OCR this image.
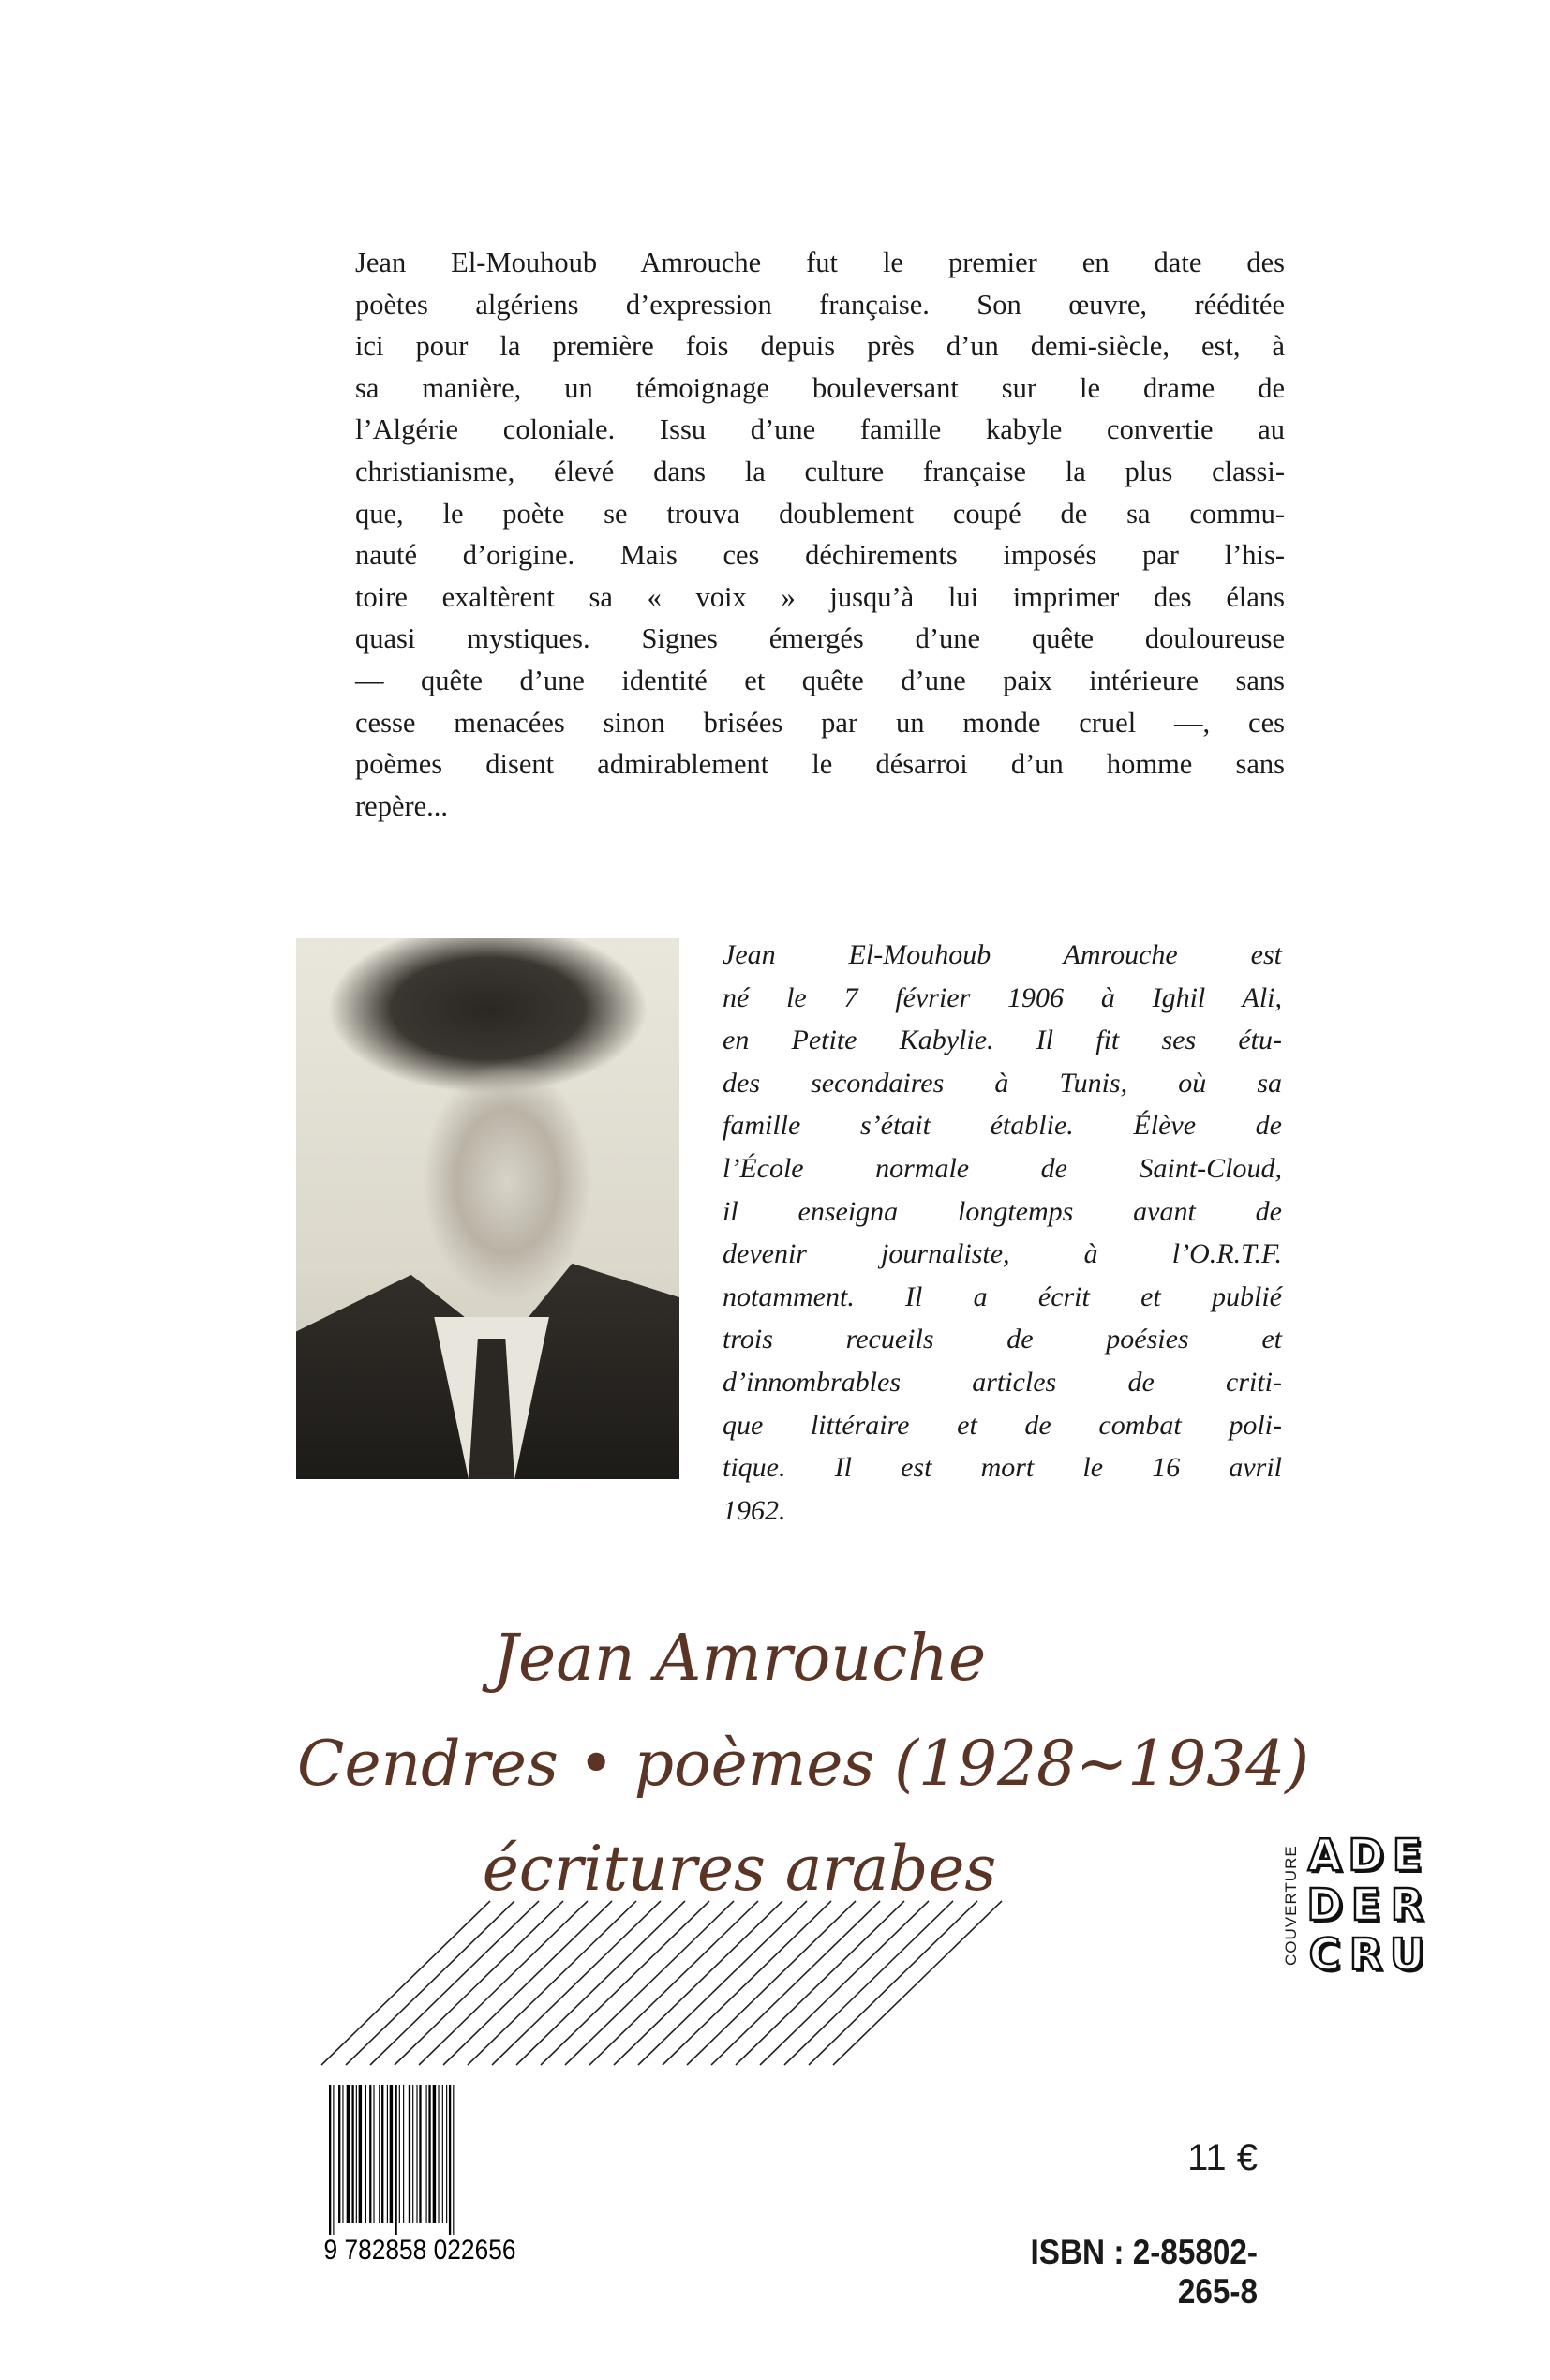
Jean El-Mouhoub Amrouche fut le premier en date des
poètes algériens d’expression française. Son œuvre, rééditée
ici pour la première fois depuis près d’un demi-siècle, est, à
sa manière, un témoignage bouleversant sur le drame de
l’Algérie coloniale. Issu d’une famille kabyle convertie au
christianisme, élevé dans la culture française la plus classi-
que, le poète se trouva doublement coupé de sa commu-
nauté d’origine. Mais ces déchirements imposés par l’his-
toire exaltèrent sa « voix » jusqu’à lui imprimer des élans
quasi mystiques. Signes émergés d’une quête douloureuse
— quête d’une identité et quête d’une paix intérieure sans
cesse menacées sinon brisées par un monde cruel —, ces
poèmes disent admirablement le désarroi d’un homme sans
repère...
Jean El-Mouhoub Amrouche est
né le 7 février 1906 à Ighil Ali,
en Petite Kabylie. Il fit ses étu-
des secondaires à Tunis, où sa
famille s’était établie. Élève de
l’École normale de Saint-Cloud,
il enseigna longtemps avant de
devenir journaliste, à l’O.R.T.F.
notamment. Il a écrit et publié
trois recueils de poésies et
d’innombrables articles de criti-
que littéraire et de combat poli-
tique. Il est mort le 16 avril
1962.
Jean Amrouche
Cendres • poèmes (1928~1934)
écritures arabes	COUVERTURE A D E
D E R
C R U
9 782858 022656
11 €
ISBN : 2-85802-265-8
